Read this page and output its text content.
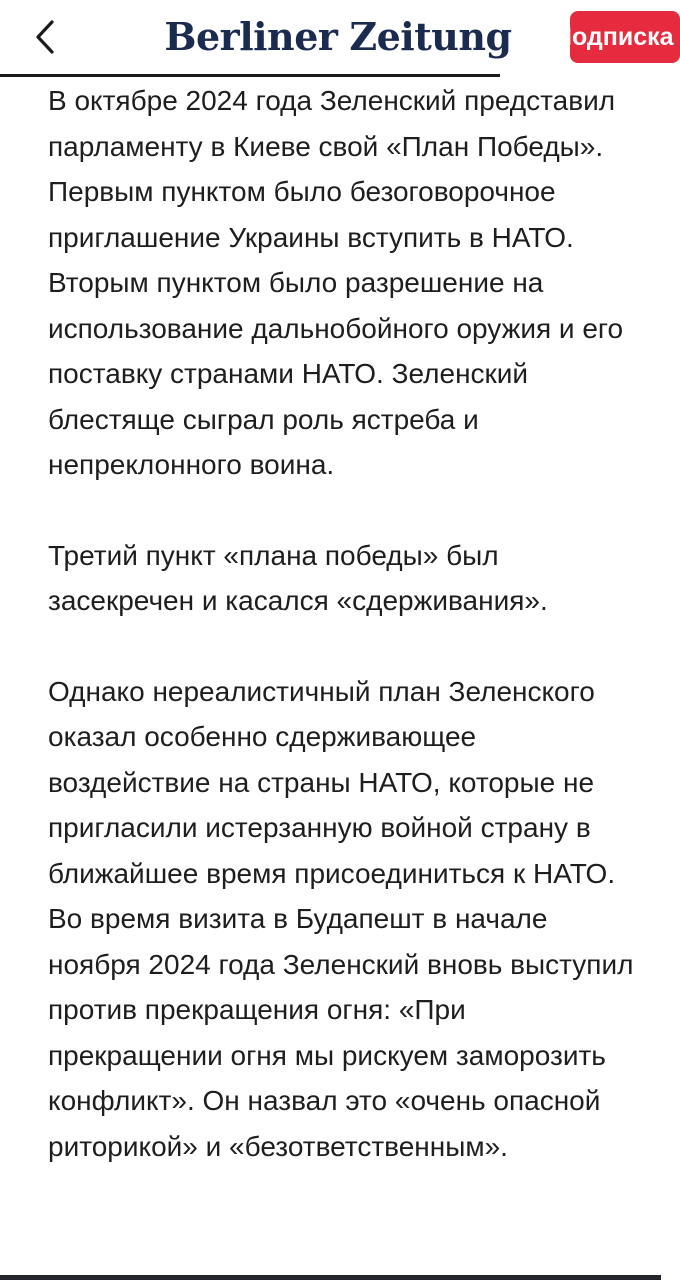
Berliner Zeitung Подписка

В октябре 2024 года Зеленский представил парламенту в Киеве свой «План Победы». Первым пунктом было безоговорочное приглашение Украины вступить в НАТО. Вторым пунктом было разрешение на использование дальнобойного оружия и его поставку странами НАТО. Зеленский блестяще сыграл роль ястреба и непреклонного воина.

Третий пункт «плана победы» был засекречен и касался «сдерживания».

Однако нереалистичный план Зеленского оказал особенно сдерживающее воздействие на страны НАТО, которые не пригласили истерзанную войной страну в ближайшее время присоединиться к НАТО. Во время визита в Будапешт в начале ноября 2024 года Зеленский вновь выступил против прекращения огня: «При прекращении огня мы рискуем заморозить конфликт». Он назвал это «очень опасной риторикой» и «безответственным».
